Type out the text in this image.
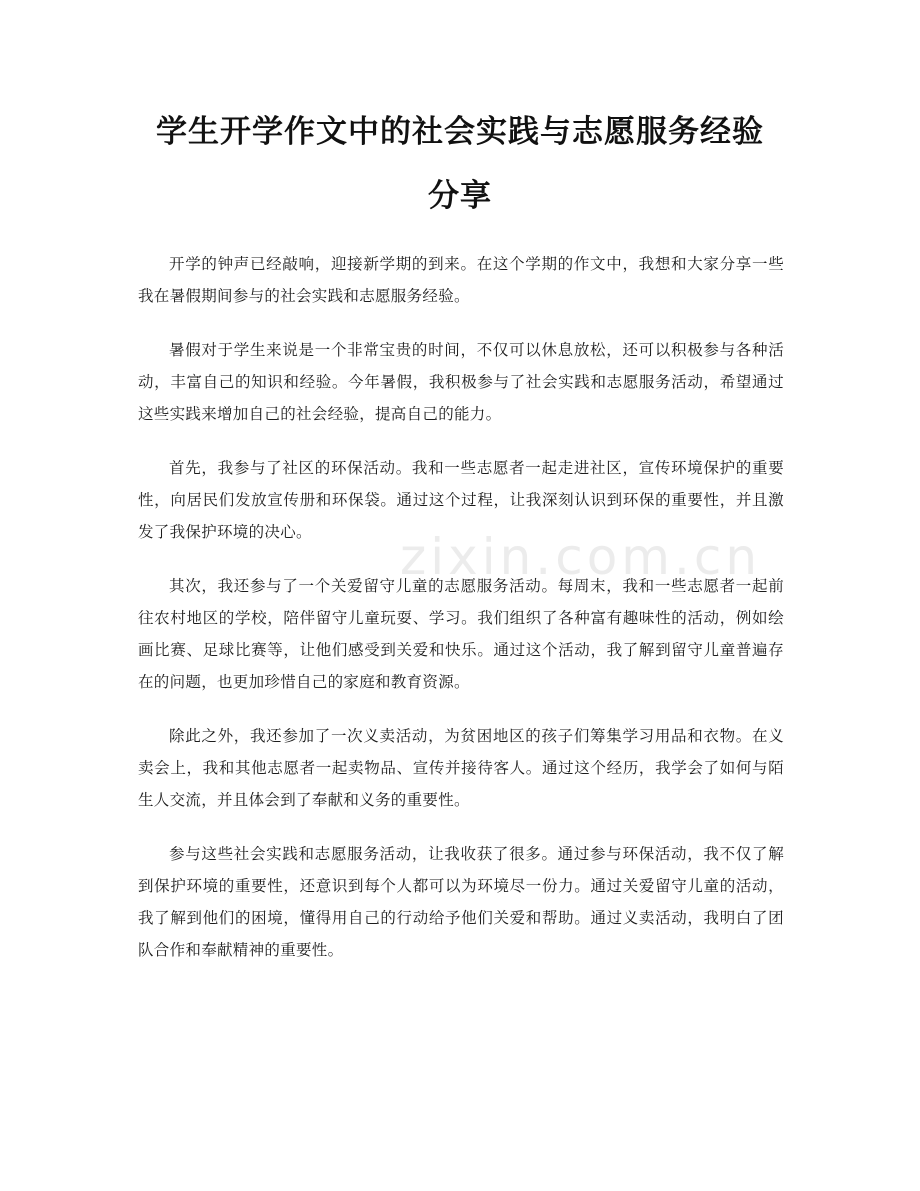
zixin.com.cn
学生开学作文中的社会实践与志愿服务经验
分享

开学的钟声已经敲响，迎接新学期的到来。在这个学期的作文中，我想和大家分享一些我在暑假期间参与的社会实践和志愿服务经验。

暑假对于学生来说是一个非常宝贵的时间，不仅可以休息放松，还可以积极参与各种活动，丰富自己的知识和经验。今年暑假，我积极参与了社会实践和志愿服务活动，希望通过这些实践来增加自己的社会经验，提高自己的能力。

首先，我参与了社区的环保活动。我和一些志愿者一起走进社区，宣传环境保护的重要性，向居民们发放宣传册和环保袋。通过这个过程，让我深刻认识到环保的重要性，并且激发了我保护环境的决心。

其次，我还参与了一个关爱留守儿童的志愿服务活动。每周末，我和一些志愿者一起前往农村地区的学校，陪伴留守儿童玩耍、学习。我们组织了各种富有趣味性的活动，例如绘画比赛、足球比赛等，让他们感受到关爱和快乐。通过这个活动，我了解到留守儿童普遍存在的问题，也更加珍惜自己的家庭和教育资源。

除此之外，我还参加了一次义卖活动，为贫困地区的孩子们筹集学习用品和衣物。在义卖会上，我和其他志愿者一起卖物品、宣传并接待客人。通过这个经历，我学会了如何与陌生人交流，并且体会到了奉献和义务的重要性。

参与这些社会实践和志愿服务活动，让我收获了很多。通过参与环保活动，我不仅了解到保护环境的重要性，还意识到每个人都可以为环境尽一份力。通过关爱留守儿童的活动，我了解到他们的困境，懂得用自己的行动给予他们关爱和帮助。通过义卖活动，我明白了团队合作和奉献精神的重要性。
